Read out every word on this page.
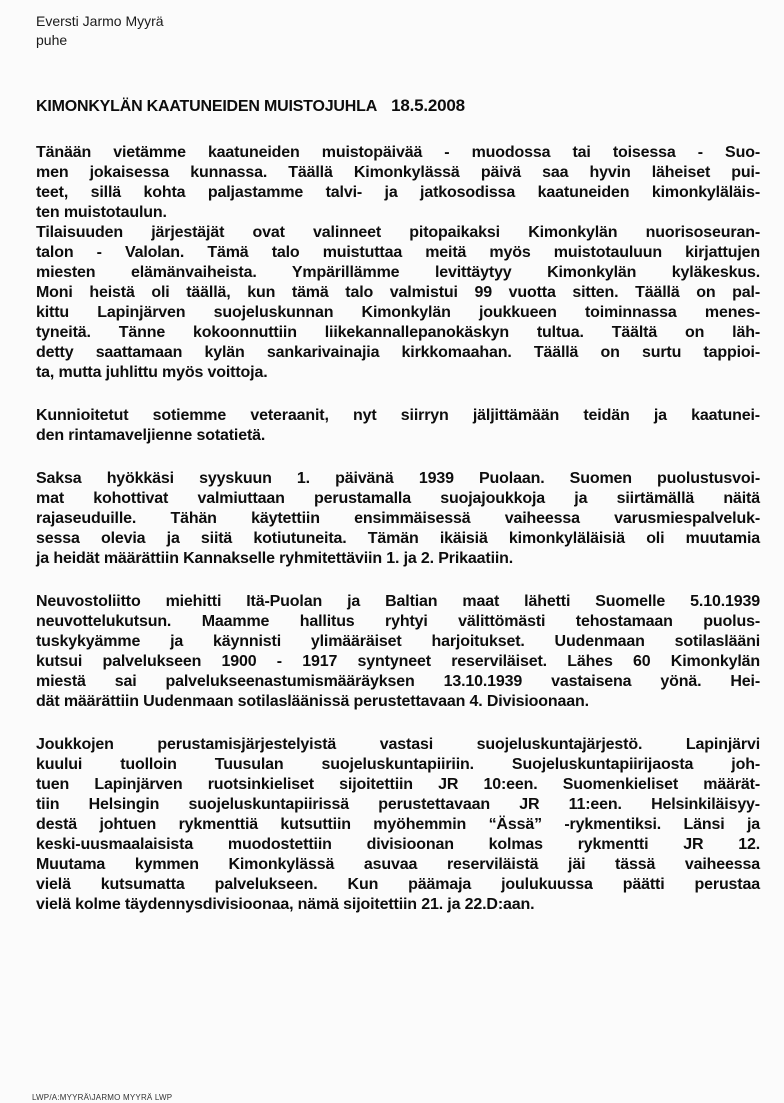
Eversti Jarmo Myyrä
puhe
KIMONKYLÄN KAATUNEIDEN MUISTOJUHLA 18.5.2008
Tänään vietämme kaatuneiden muistopäivää - muodossa tai toisessa - Suo-
men jokaisessa kunnassa. Täällä Kimonkylässä päivä saa hyvin läheiset pui-
teet, sillä kohta paljastamme talvi- ja jatkosodissa kaatuneiden kimonkyläläis-
ten muistotaulun.
Tilaisuuden järjestäjät ovat valinneet pitopaikaksi Kimonkylän nuorisoseuran-
talon - Valolan. Tämä talo muistuttaa meitä myös muistotauluun kirjattujen
miesten elämänvaiheista. Ympärillämme levittäytyy Kimonkylän kyläkeskus.
Moni heistä oli täällä, kun tämä talo valmistui 99 vuotta sitten. Täällä on pal-
kittu Lapinjärven suojeluskunnan Kimonkylän joukkueen toiminnassa menes-
tyneitä. Tänne kokoonnuttiin liikekannallepanokäskyn tultua. Täältä on läh-
detty saattamaan kylän sankarivainajia kirkkomaahan. Täällä on surtu tappioi-
ta, mutta juhlittu myös voittoja.
Kunnioitetut sotiemme veteraanit, nyt siirryn jäljittämään teidän ja kaatunei-
den rintamaveljienne sotatietä.
Saksa hyökkäsi syyskuun 1. päivänä 1939 Puolaan. Suomen puolustusvoi-
mat kohottivat valmiuttaan perustamalla suojajoukkoja ja siirtämällä näitä
rajaseuduille. Tähän käytettiin ensimmäisessä vaiheessa varusmiespalveluk-
sessa olevia ja siitä kotiutuneita. Tämän ikäisiä kimonkyläläisiä oli muutamia
ja heidät määrättiin Kannakselle ryhmitettäviin 1. ja 2. Prikaatiin.
Neuvostoliitto miehitti Itä-Puolan ja Baltian maat lähetti Suomelle 5.10.1939
neuvottelukutsun. Maamme hallitus ryhtyi välittömästi tehostamaan puolus-
tuskykyämme ja käynnisti ylimääräiset harjoitukset. Uudenmaan sotilasläänі
kutsui palvelukseen 1900 - 1917 syntyneet reserviläiset. Lähes 60 Kimonkylän
miestä sai palvelukseenastumismääräyksen 13.10.1939 vastaisena yönä. Hei-
dät määrättiin Uudenmaan sotilasläänissä perustettavaan 4. Divisioonaan.
Joukkojen perustamisjärjestelyistä vastasi suojeluskuntajärjestö. Lapinjärvi
kuului tuolloin Tuusulan suojeluskuntapiiriin. Suojeluskuntapiirijaosta joh-
tuen Lapinjärven ruotsinkieliset sijoitettiin JR 10:een. Suomenkieliset määrät-
tiin Helsingin suojeluskuntapiirissä perustettavaan JR 11:een. Helsinkiläisyy-
destä johtuen rykmenttiä kutsuttiin myöhemmin “Ässä” -rykmentiksi. Länsi ja
keski-uusmaalaisista muodostettiin divisioonan kolmas rykmentti JR 12.
Muutama kymmen Kimonkylässä asuvaa reserviläistä jäi tässä vaiheessa
vielä kutsumatta palvelukseen. Kun päämaja joulukuussa päätti perustaa
vielä kolme täydennysdivisioonaa, nämä sijoitettiin 21. ja 22.D:aan.
LWP/A:MYYRÄ\JARMO MYYRÄ LWP
